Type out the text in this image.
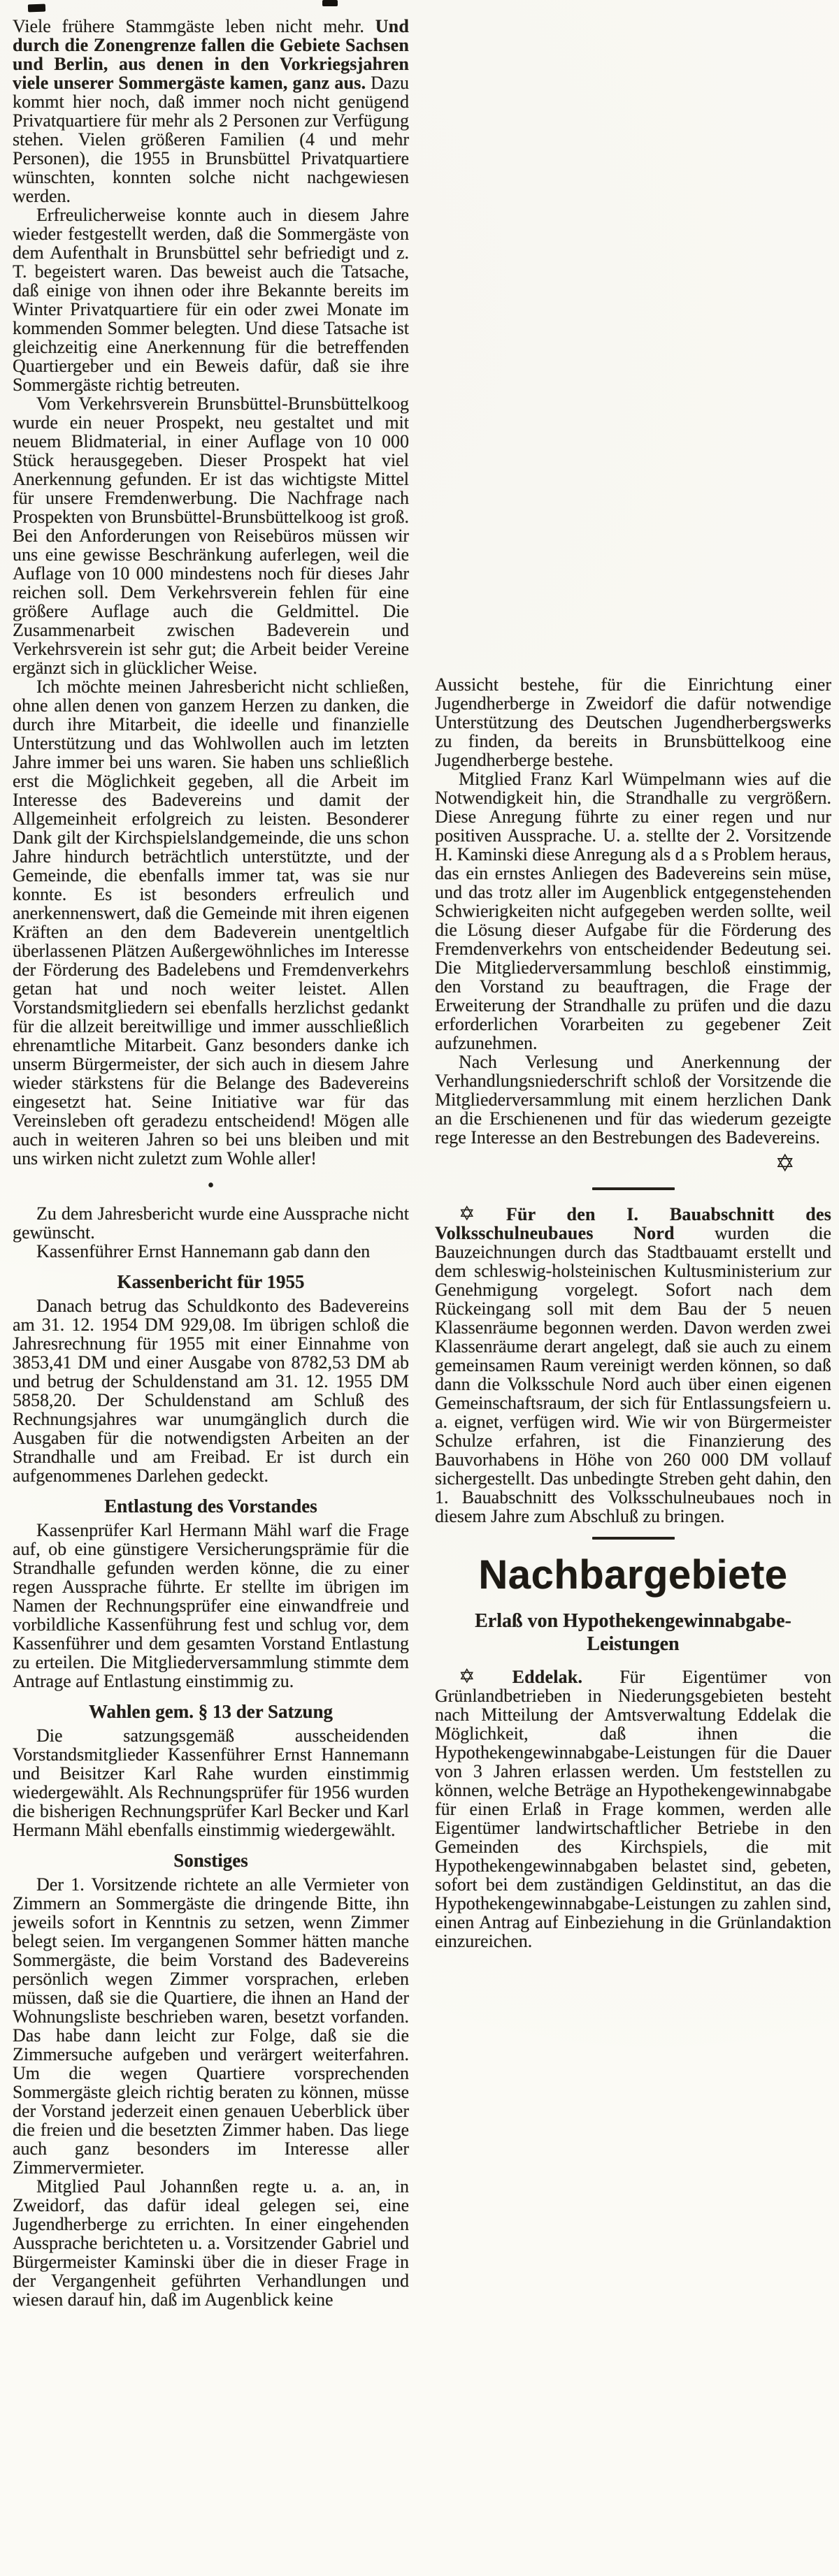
Viele frühere Stammgäste leben nicht mehr. Und durch die Zonengrenze fallen die Gebiete Sachsen und Berlin, aus denen in den Vorkriegsjahren viele unserer Sommergäste kamen, ganz aus. Dazu kommt hier noch, daß immer noch nicht genügend Privatquartiere für mehr als 2 Personen zur Verfügung stehen. Vielen größeren Familien (4 und mehr Personen), die 1955 in Brunsbüttel Privatquartiere wünschten, konnten solche nicht nachgewiesen werden.

Erfreulicherweise konnte auch in diesem Jahre wieder festgestellt werden, daß die Sommergäste von dem Aufenthalt in Brunsbüttel sehr befriedigt und z. T. begeistert waren. Das beweist auch die Tatsache, daß einige von ihnen oder ihre Bekannte bereits im Winter Privatquartiere für ein oder zwei Monate im kommenden Sommer belegten. Und diese Tatsache ist gleichzeitig eine Anerkennung für die betreffenden Quartiergeber und ein Beweis dafür, daß sie ihre Sommergäste richtig betreuten.

Vom Verkehrsverein Brunsbüttel-Brunsbüttelkoog wurde ein neuer Prospekt, neu gestaltet und mit neuem Blidmaterial, in einer Auflage von 10 000 Stück herausgegeben. Dieser Prospekt hat viel Anerkennung gefunden. Er ist das wichtigste Mittel für unsere Fremdenwerbung. Die Nachfrage nach Prospekten von Brunsbüttel-Brunsbüttelkoog ist groß. Bei den Anforderungen von Reisebüros müssen wir uns eine gewisse Beschränkung auferlegen, weil die Auflage von 10 000 mindestens noch für dieses Jahr reichen soll. Dem Verkehrsverein fehlen für eine größere Auflage auch die Geldmittel. Die Zusammenarbeit zwischen Badeverein und Verkehrsverein ist sehr gut; die Arbeit beider Vereine ergänzt sich in glücklicher Weise.

Ich möchte meinen Jahresbericht nicht schließen, ohne allen denen von ganzem Herzen zu danken, die durch ihre Mitarbeit, die ideelle und finanzielle Unterstützung und das Wohlwollen auch im letzten Jahre immer bei uns waren. Sie haben uns schließlich erst die Möglichkeit gegeben, all die Arbeit im Interesse des Badevereins und damit der Allgemeinheit erfolgreich zu leisten. Besonderer Dank gilt der Kirchspielslandgemeinde, die uns schon Jahre hindurch beträchtlich unterstützte, und der Gemeinde, die ebenfalls immer tat, was sie nur konnte. Es ist besonders erfreulich und anerkennenswert, daß die Gemeinde mit ihren eigenen Kräften an den dem Badeverein unentgeltlich überlassenen Plätzen Außergewöhnliches im Interesse der Förderung des Badelebens und Fremdenverkehrs getan hat und noch weiter leistet. Allen Vorstandsmitgliedern sei ebenfalls herzlichst gedankt für die allzeit bereitwillige und immer ausschließlich ehrenamtliche Mitarbeit. Ganz besonders danke ich unserm Bürgermeister, der sich auch in diesem Jahre wieder stärkstens für die Belange des Badevereins eingesetzt hat. Seine Initiative war für das Vereinsleben oft geradezu entscheidend! Mögen alle auch in weiteren Jahren so bei uns bleiben und mit uns wirken nicht zuletzt zum Wohle aller!

•

Zu dem Jahresbericht wurde eine Aussprache nicht gewünscht.

Kassenführer Ernst Hannemann gab dann den

Kassenbericht für 1955

Danach betrug das Schuldkonto des Badevereins am 31. 12. 1954 DM 929,08. Im übrigen schloß die Jahresrechnung für 1955 mit einer Einnahme von 3853,41 DM und einer Ausgabe von 8782,53 DM ab und betrug der Schuldenstand am 31. 12. 1955 DM 5858,20. Der Schuldenstand am Schluß des Rechnungsjahres war unumgänglich durch die Ausgaben für die notwendigsten Arbeiten an der Strandhalle und am Freibad. Er ist durch ein aufgenommenes Darlehen gedeckt.

Entlastung des Vorstandes

Kassenprüfer Karl Hermann Mähl warf die Frage auf, ob eine günstigere Versicherungsprämie für die Strandhalle gefunden werden könne, die zu einer regen Aussprache führte. Er stellte im übrigen im Namen der Rechnungsprüfer eine einwandfreie und vorbildliche Kassenführung fest und schlug vor, dem Kassenführer und dem gesamten Vorstand Entlastung zu erteilen. Die Mitgliederversammlung stimmte dem Antrage auf Entlastung einstimmig zu.

Wahlen gem. § 13 der Satzung

Die satzungsgemäß ausscheidenden Vorstandsmitglieder Kassenführer Ernst Hannemann und Beisitzer Karl Rahe wurden einstimmig wiedergewählt. Als Rechnungsprüfer für 1956 wurden die bisherigen Rechnungsprüfer Karl Becker und Karl Hermann Mähl ebenfalls einstimmig wiedergewählt.

Sonstiges

Der 1. Vorsitzende richtete an alle Vermieter von Zimmern an Sommergäste die dringende Bitte, ihn jeweils sofort in Kenntnis zu setzen, wenn Zimmer belegt seien. Im vergangenen Sommer hätten manche Sommergäste, die beim Vorstand des Badevereins persönlich wegen Zimmer vorsprachen, erleben müssen, daß sie die Quartiere, die ihnen an Hand der Wohnungsliste beschrieben waren, besetzt vorfanden. Das habe dann leicht zur Folge, daß sie die Zimmersuche aufgeben und verärgert weiterfahren. Um die wegen Quartiere vorsprechenden Sommergäste gleich richtig beraten zu können, müsse der Vorstand jederzeit einen genauen Ueberblick über die freien und die besetzten Zimmer haben. Das liege auch ganz besonders im Interesse aller Zimmervermieter.

Mitglied Paul Johannßen regte u. a. an, in Zweidorf, das dafür ideal gelegen sei, eine Jugendherberge zu errichten. In einer eingehenden Aussprache berichteten u. a. Vorsitzender Gabriel und Bürgermeister Kaminski über die in dieser Frage in der Vergangenheit geführten Verhandlungen und wiesen darauf hin, daß im Augenblick keine

Aussicht bestehe, für die Einrichtung einer Jugendherberge in Zweidorf die dafür notwendige Unterstützung des Deutschen Jugendherbergswerks zu finden, da bereits in Brunsbüttelkoog eine Jugendherberge bestehe.

Mitglied Franz Karl Wümpelmann wies auf die Notwendigkeit hin, die Strandhalle zu vergrößern. Diese Anregung führte zu einer regen und nur positiven Aussprache. U. a. stellte der 2. Vorsitzende H. Kaminski diese Anregung als d a s Problem heraus, das ein ernstes Anliegen des Badevereins sein müse, und das trotz aller im Augenblick entgegenstehenden Schwierigkeiten nicht aufgegeben werden sollte, weil die Lösung dieser Aufgabe für die Förderung des Fremdenverkehrs von entscheidender Bedeutung sei. Die Mitgliederversammlung beschloß einstimmig, den Vorstand zu beauftragen, die Frage der Erweiterung der Strandhalle zu prüfen und die dazu erforderlichen Vorarbeiten zu gegebener Zeit aufzunehmen.

Nach Verlesung und Anerkennung der Verhandlungsniederschrift schloß der Vorsitzende die Mitgliederversammlung mit einem herzlichen Dank an die Erschienenen und für das wiederum gezeigte rege Interesse an den Bestrebungen des Badevereins.

✡

✡ Für den I. Bauabschnitt des Volksschulneubaues Nord wurden die Bauzeichnungen durch das Stadtbauamt erstellt und dem schleswig-holsteinischen Kultusministerium zur Genehmigung vorgelegt. Sofort nach dem Rückeingang soll mit dem Bau der 5 neuen Klassenräume begonnen werden. Davon werden zwei Klassenräume derart angelegt, daß sie auch zu einem gemeinsamen Raum vereinigt werden können, so daß dann die Volksschule Nord auch über einen eigenen Gemeinschaftsraum, der sich für Entlassungsfeiern u. a. eignet, verfügen wird. Wie wir von Bürgermeister Schulze erfahren, ist die Finanzierung des Bauvorhabens in Höhe von 260 000 DM vollauf sichergestellt. Das unbedingte Streben geht dahin, den 1. Bauabschnitt des Volksschulneubaues noch in diesem Jahre zum Abschluß zu bringen.

Nachbargebiete
Erlaß von Hypothekengewinnabgabe-Leistungen

✡ Eddelak. Für Eigentümer von Grünlandbetrieben in Niederungsgebieten besteht nach Mitteilung der Amtsverwaltung Eddelak die Möglichkeit, daß ihnen die Hypothekengewinnabgabe-Leistungen für die Dauer von 3 Jahren erlassen werden. Um feststellen zu können, welche Beträge an Hypothekengewinnabgabe für einen Erlaß in Frage kommen, werden alle Eigentümer landwirtschaftlicher Betriebe in den Gemeinden des Kirchspiels, die mit Hypothekengewinnabgaben belastet sind, gebeten, sofort bei dem zuständigen Geldinstitut, an das die Hypothekengewinnabgabe-Leistungen zu zahlen sind, einen Antrag auf Einbeziehung in die Grünlandaktion einzureichen.
